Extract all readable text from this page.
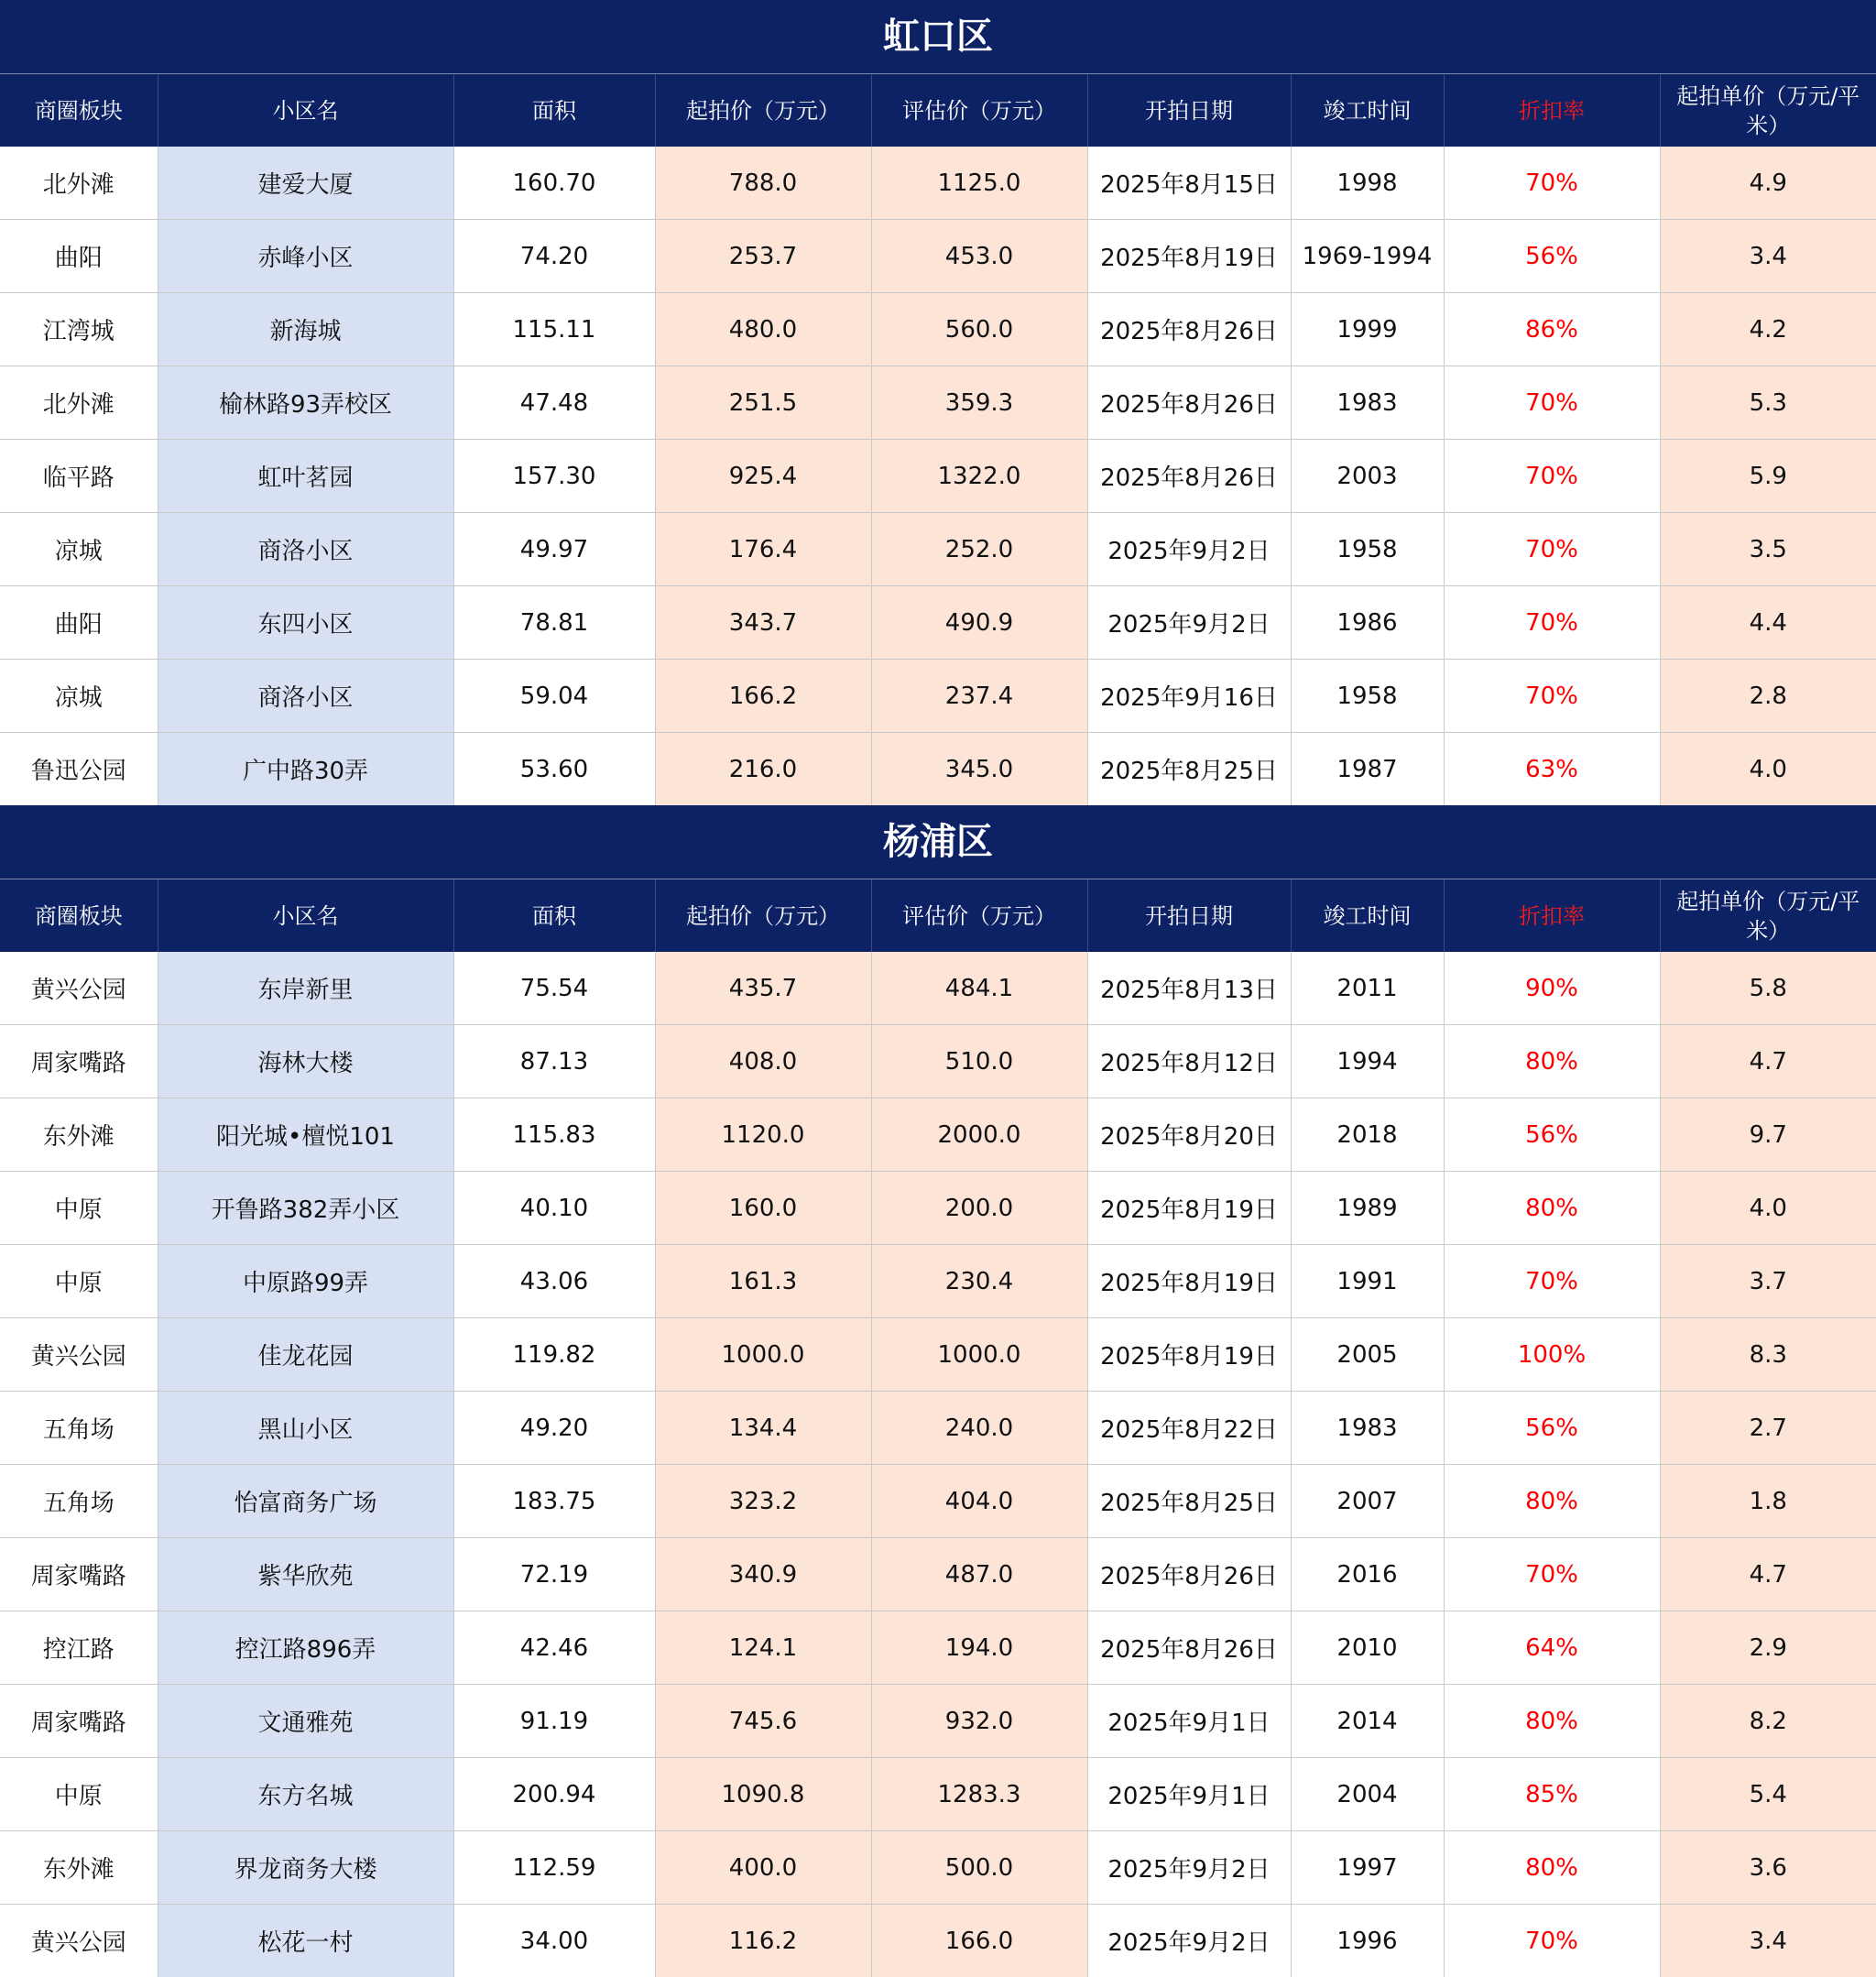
虹口区
商圈板块	小区名	面积	起拍价（万元）	评估价（万元）	开拍日期	竣工时间	折扣率	起拍单价（万元/平米）
北外滩	建爱大厦	160.70	788.0	1125.0	2025年8月15日	1998	70%	4.9
曲阳	赤峰小区	74.20	253.7	453.0	2025年8月19日	1969-1994	56%	3.4
江湾城	新海城	115.11	480.0	560.0	2025年8月26日	1999	86%	4.2
北外滩	榆林路93弄校区	47.48	251.5	359.3	2025年8月26日	1983	70%	5.3
临平路	虹叶茗园	157.30	925.4	1322.0	2025年8月26日	2003	70%	5.9
凉城	商洛小区	49.97	176.4	252.0	2025年9月2日	1958	70%	3.5
曲阳	东四小区	78.81	343.7	490.9	2025年9月2日	1986	70%	4.4
凉城	商洛小区	59.04	166.2	237.4	2025年9月16日	1958	70%	2.8
鲁迅公园	广中路30弄	53.60	216.0	345.0	2025年8月25日	1987	63%	4.0
杨浦区
商圈板块	小区名	面积	起拍价（万元）	评估价（万元）	开拍日期	竣工时间	折扣率	起拍单价（万元/平米）
黄兴公园	东岸新里	75.54	435.7	484.1	2025年8月13日	2011	90%	5.8
周家嘴路	海林大楼	87.13	408.0	510.0	2025年8月12日	1994	80%	4.7
东外滩	阳光城•檀悦101	115.83	1120.0	2000.0	2025年8月20日	2018	56%	9.7
中原	开鲁路382弄小区	40.10	160.0	200.0	2025年8月19日	1989	80%	4.0
中原	中原路99弄	43.06	161.3	230.4	2025年8月19日	1991	70%	3.7
黄兴公园	佳龙花园	119.82	1000.0	1000.0	2025年8月19日	2005	100%	8.3
五角场	黑山小区	49.20	134.4	240.0	2025年8月22日	1983	56%	2.7
五角场	怡富商务广场	183.75	323.2	404.0	2025年8月25日	2007	80%	1.8
周家嘴路	紫华欣苑	72.19	340.9	487.0	2025年8月26日	2016	70%	4.7
控江路	控江路896弄	42.46	124.1	194.0	2025年8月26日	2010	64%	2.9
周家嘴路	文通雅苑	91.19	745.6	932.0	2025年9月1日	2014	80%	8.2
中原	东方名城	200.94	1090.8	1283.3	2025年9月1日	2004	85%	5.4
东外滩	界龙商务大楼	112.59	400.0	500.0	2025年9月2日	1997	80%	3.6
黄兴公园	松花一村	34.00	116.2	166.0	2025年9月2日	1996	70%	3.4
